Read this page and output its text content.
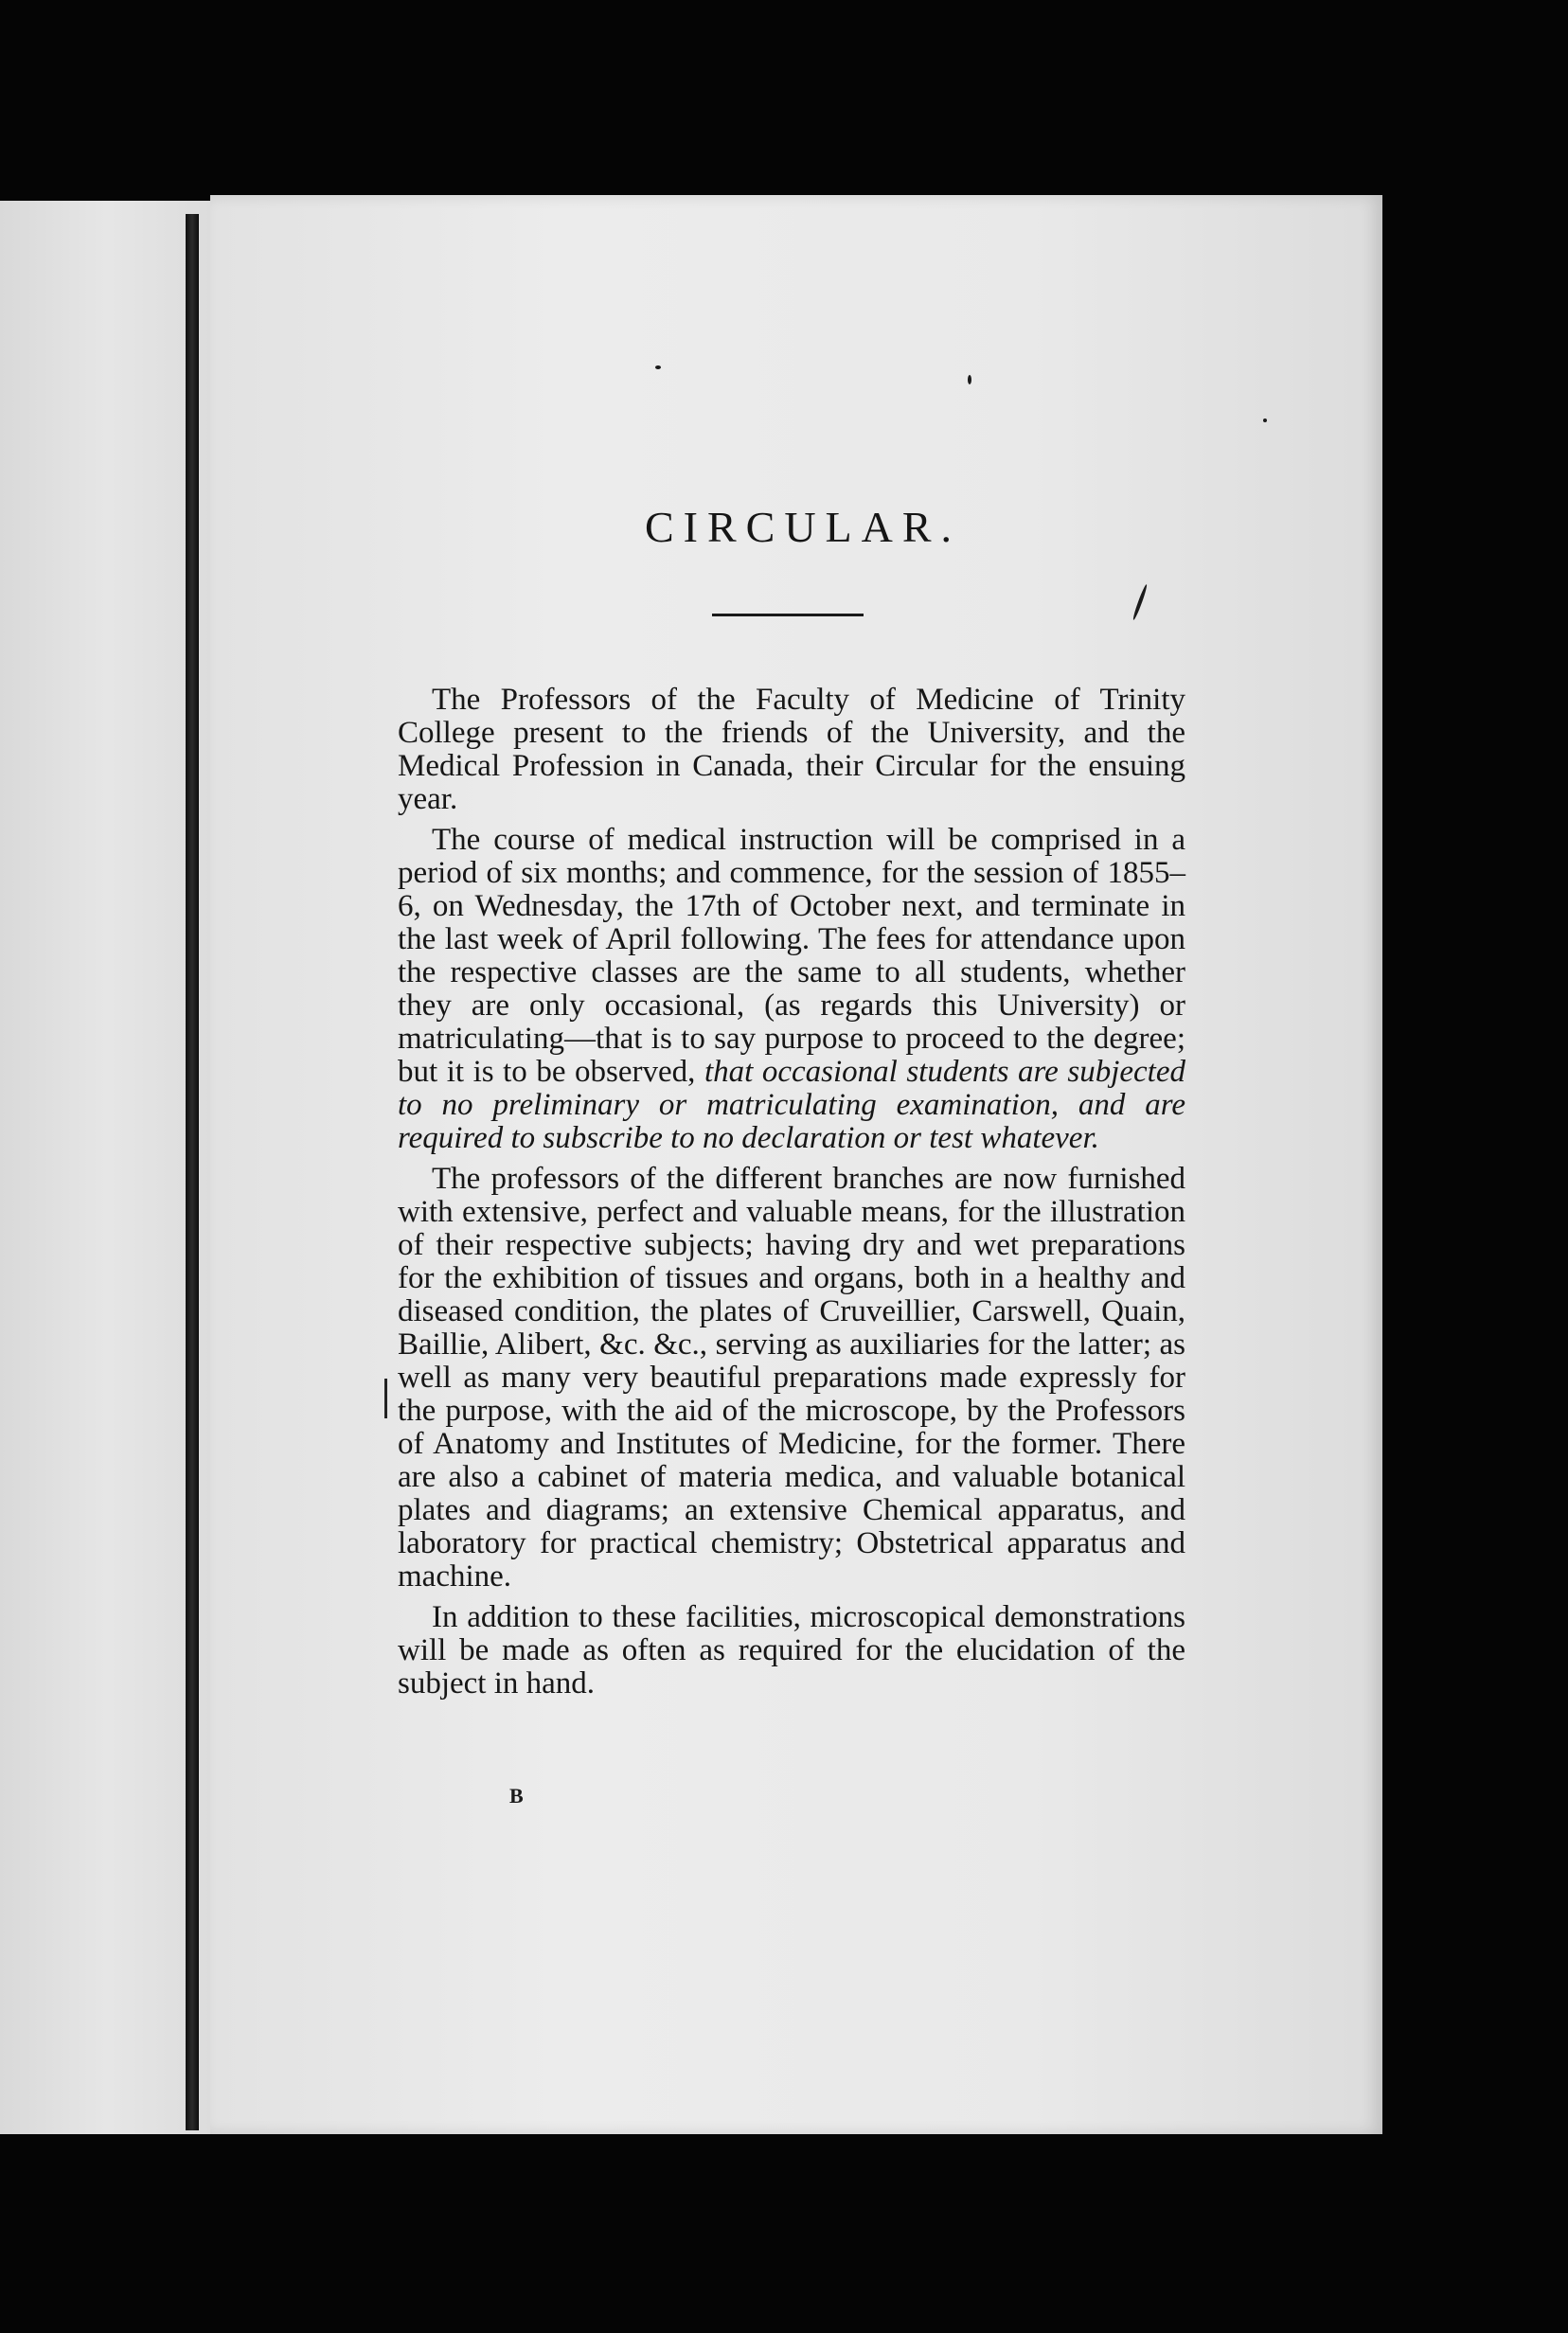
CIRCULAR.

The Professors of the Faculty of Medicine of Trinity College present to the friends of the University, and the Medical Profession in Canada, their Circular for the ensuing year.

The course of medical instruction will be comprised in a period of six months; and commence, for the session of 1855–6, on Wednesday, the 17th of October next, and terminate in the last week of April following. The fees for attendance upon the respective classes are the same to all students, whether they are only occasional, (as regards this University) or matriculating—that is to say purpose to proceed to the degree; but it is to be observed, that occasional students are subjected to no preliminary or matriculating examination, and are required to subscribe to no declaration or test whatever.

The professors of the different branches are now furnished with extensive, perfect and valuable means, for the illustration of their respective subjects; having dry and wet preparations for the exhibition of tissues and organs, both in a healthy and diseased condition, the plates of Cruveillier, Carswell, Quain, Baillie, Alibert, &c. &c., serving as auxiliaries for the latter; as well as many very beautiful preparations made expressly for the purpose, with the aid of the microscope, by the Professors of Anatomy and Institutes of Medicine, for the former. There are also a cabinet of materia medica, and valuable botanical plates and diagrams; an extensive Chemical apparatus, and laboratory for practical chemistry; Obstetrical apparatus and machine.

In addition to these facilities, microscopical demonstrations will be made as often as required for the elucidation of the subject in hand.

B
